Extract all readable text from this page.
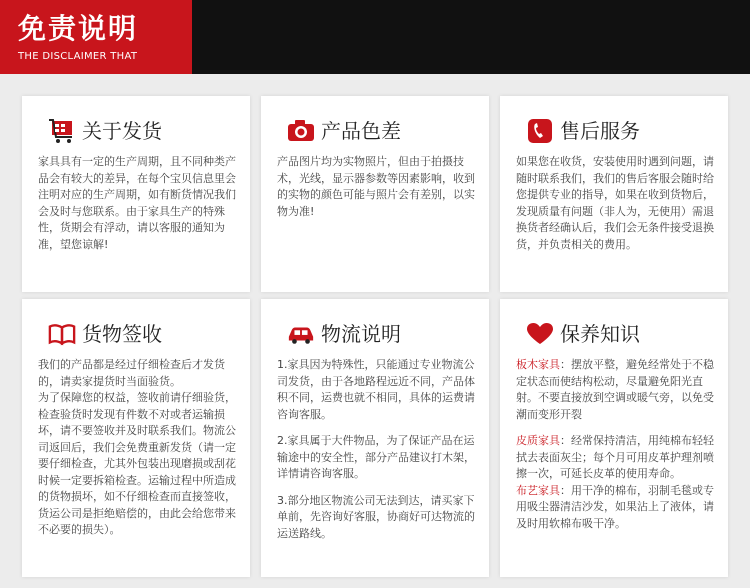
免责说明
THE DISCLAIMER THAT
关于发货

家具具有一定的生产周期，且不同种类产品会有较大的差异，在每个宝贝信息里会注明对应的生产周期，如有断货情况我们会及时与您联系。由于家具生产的特殊性，货期会有浮动，请以客服的通知为准，望您谅解!

产品色差

产品图片均为实物照片，但由于拍摄技术，光线，显示器参数等因素影响，收到的实物的颜色可能与照片会有差别，以实物为准!

售后服务

如果您在收货，安装使用时遇到问题，请随时联系我们，我们的售后客服会随时给您提供专业的指导，如果在收到货物后，发现质量有问题（非人为，无使用）需退换货者经确认后，我们会无条件接受退换货，并负责相关的费用。

货物签收

我们的产品都是经过仔细检查后才发货的，请卖家提货时当面验货。

为了保障您的权益，签收前请仔细验货，检查验货时发现有件数不对或者运输损坏，请不要签收并及时联系我们。物流公司返回后，我们会免费重新发货（请一定要仔细检查，尤其外包装出现磨损或刮花时候一定要拆箱检查。运输过程中所造成的货物损坏，如不仔细检查而直接签收，货运公司是拒绝赔偿的，由此会给您带来不必要的损失）。

物流说明

1.家具因为特殊性，只能通过专业物流公司发货，由于各地路程远近不同，产品体积不同，运费也就不相同，具体的运费请咨询客服。

2.家具属于大件物品，为了保证产品在运输途中的安全性，部分产品建议打木架，详情请咨询客服。

3.部分地区物流公司无法到达，请买家下单前，先咨询好客服，协商好可达物流的运送路线。

保养知识

板木家具：摆放平整，避免经常处于不稳定状态而使结构松动，尽量避免阳光直射。不要直接放到空调或暖气旁，以免受潮而变形开裂

皮质家具：经常保持清洁，用纯棉布轻轻拭去表面灰尘；每个月可用皮革护理剂喷擦一次，可延长皮革的使用寿命。

布艺家具：用干净的棉布，羽制毛毯或专用吸尘器清洁沙发，如果沾上了液体，请及时用软棉布吸干净。
